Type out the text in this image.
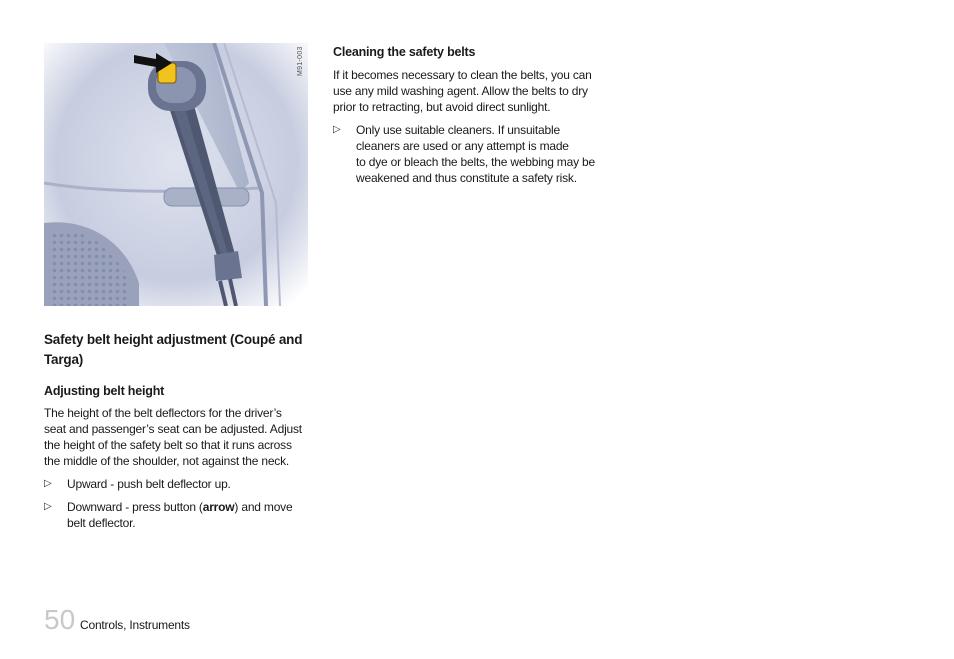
M91-003
Safety belt height adjustment (Coupé and Targa)
Adjusting belt height
The height of the belt deflectors for the driver’s
seat and passenger’s seat can be adjusted. Adjust
the height of the safety belt so that it runs across
the middle of the shoulder, not against the neck.
▷ Upward - push belt deflector up.
▷ Downward - press button (arrow) and move
belt deflector.
Cleaning the safety belts
If it becomes necessary to clean the belts, you can
use any mild washing agent. Allow the belts to dry
prior to retracting, but avoid direct sunlight.
▷ Only use suitable cleaners. If unsuitable
cleaners are used or any attempt is made
to dye or bleach the belts, the webbing may be
weakened and thus constitute a safety risk.
50 Controls, Instruments
